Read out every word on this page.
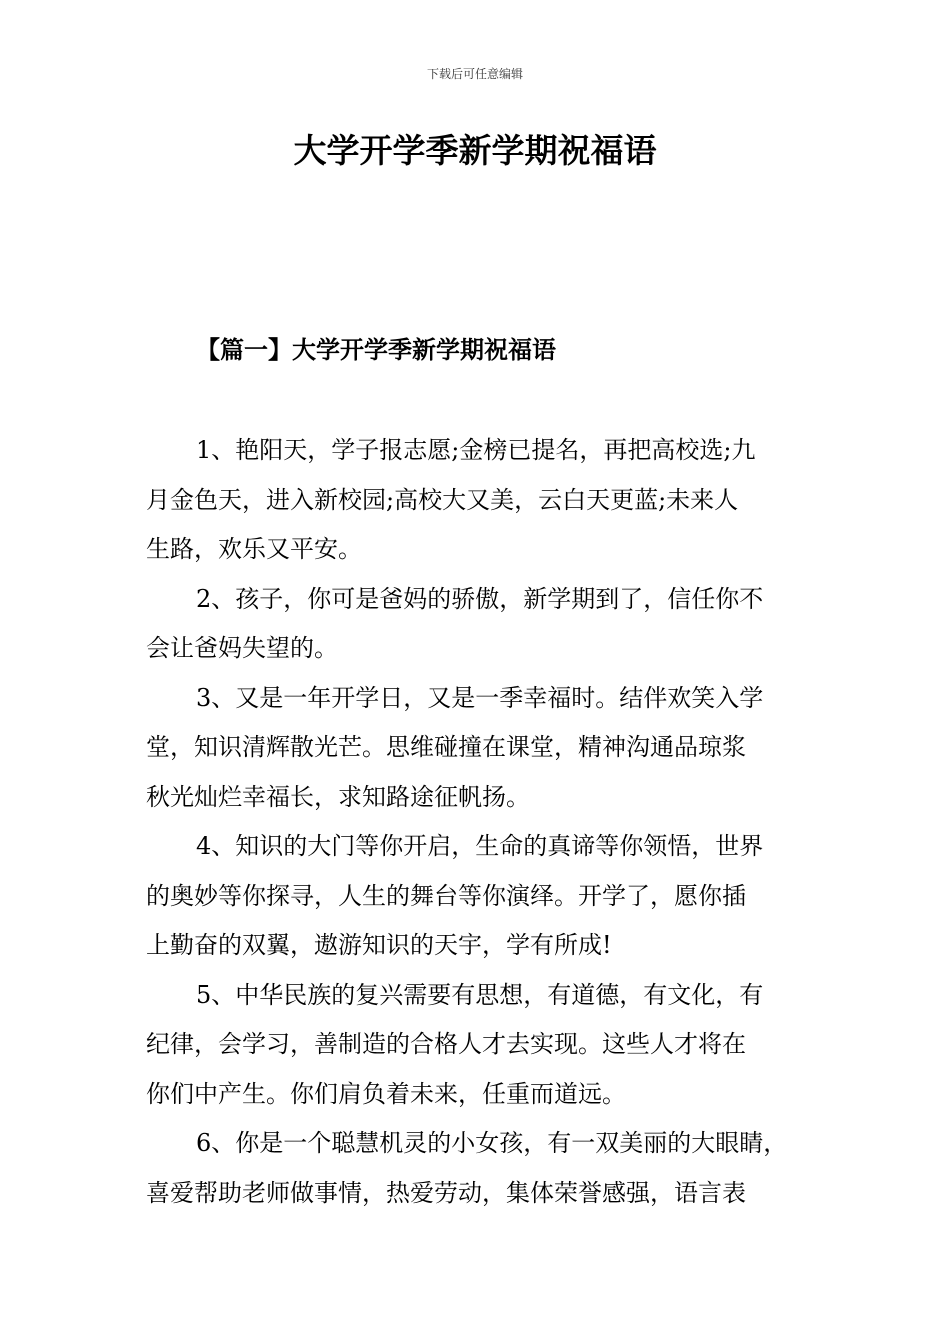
下载后可任意编辑
大学开学季新学期祝福语
【篇一】大学开学季新学期祝福语

1、艳阳天，学子报志愿;金榜已提名，再把高校选;九
月金色天，进入新校园;高校大又美，云白天更蓝;未来人
生路，欢乐又平安。

2、孩子，你可是爸妈的骄傲，新学期到了，信任你不
会让爸妈失望的。

3、又是一年开学日，又是一季幸福时。结伴欢笑入学
堂，知识清辉散光芒。思维碰撞在课堂，精神沟通品琼浆
秋光灿烂幸福长，求知路途征帆扬。

4、知识的大门等你开启，生命的真谛等你领悟，世界
的奥妙等你探寻，人生的舞台等你演绎。开学了，愿你插
上勤奋的双翼，遨游知识的天宇，学有所成!

5、中华民族的复兴需要有思想，有道德，有文化，有
纪律，会学习，善制造的合格人才去实现。这些人才将在
你们中产生。你们肩负着未来，任重而道远。

6、你是一个聪慧机灵的小女孩，有一双美丽的大眼睛，
喜爱帮助老师做事情，热爱劳动，集体荣誉感强，语言表
